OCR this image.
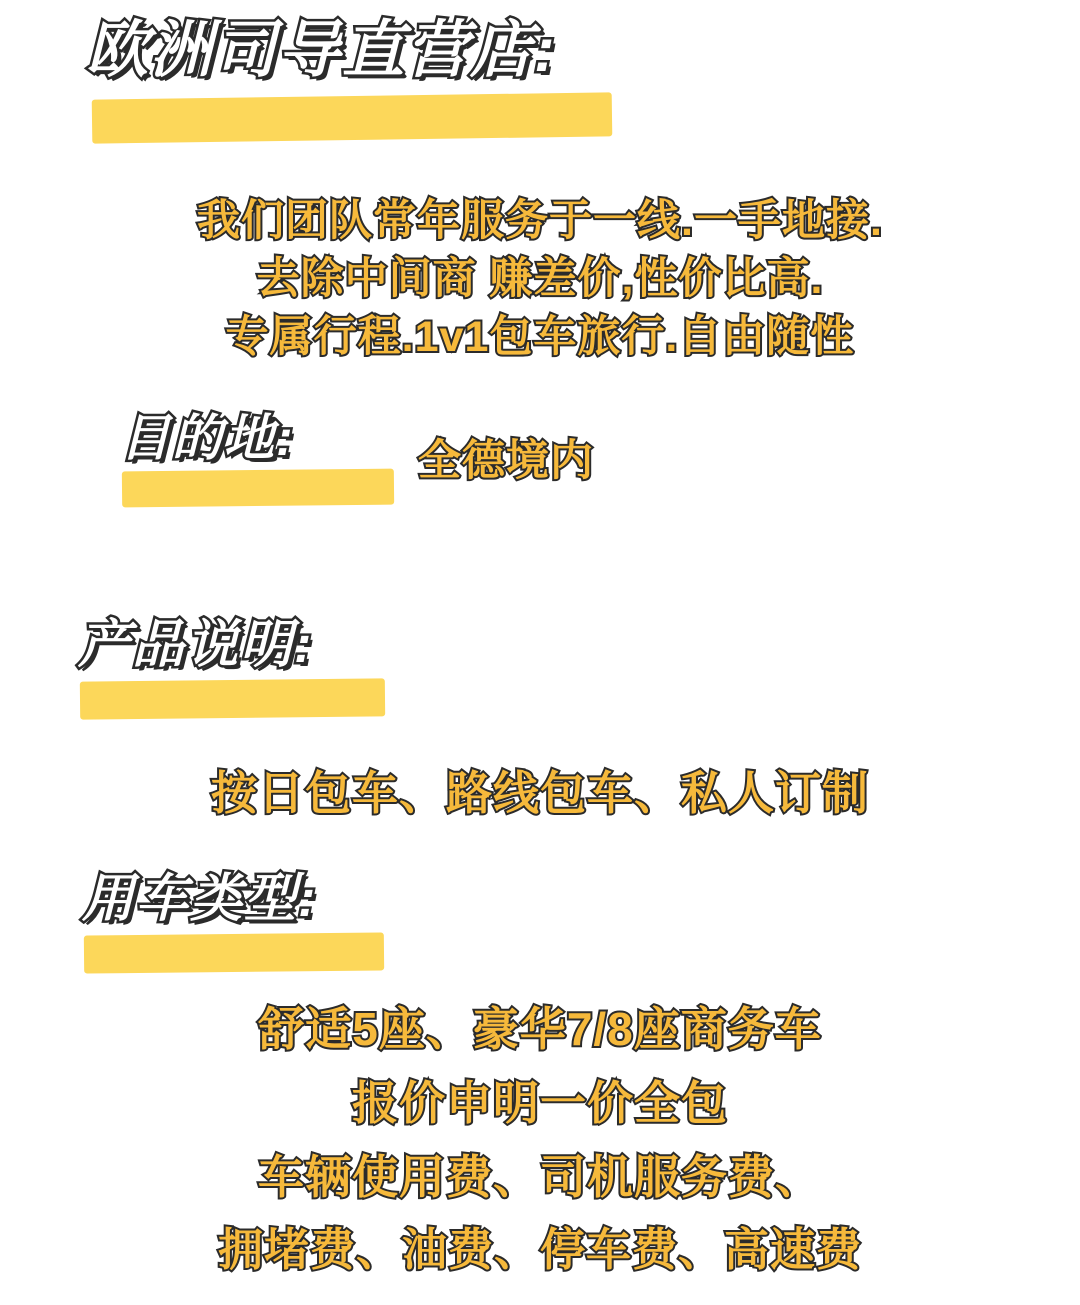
欧洲司导直营店:
我们团队常年服务于一线.一手地接.
去除中间商 赚差价,性价比高.
专属行程.1v1包车旅行.自由随性
目的地:	全德境内
产品说明:
按日包车、路线包车、私人订制
用车类型:
舒适5座、豪华7/8座商务车
报价申明一价全包
车辆使用费、司机服务费、
拥堵费、油费、停车费、高速费
